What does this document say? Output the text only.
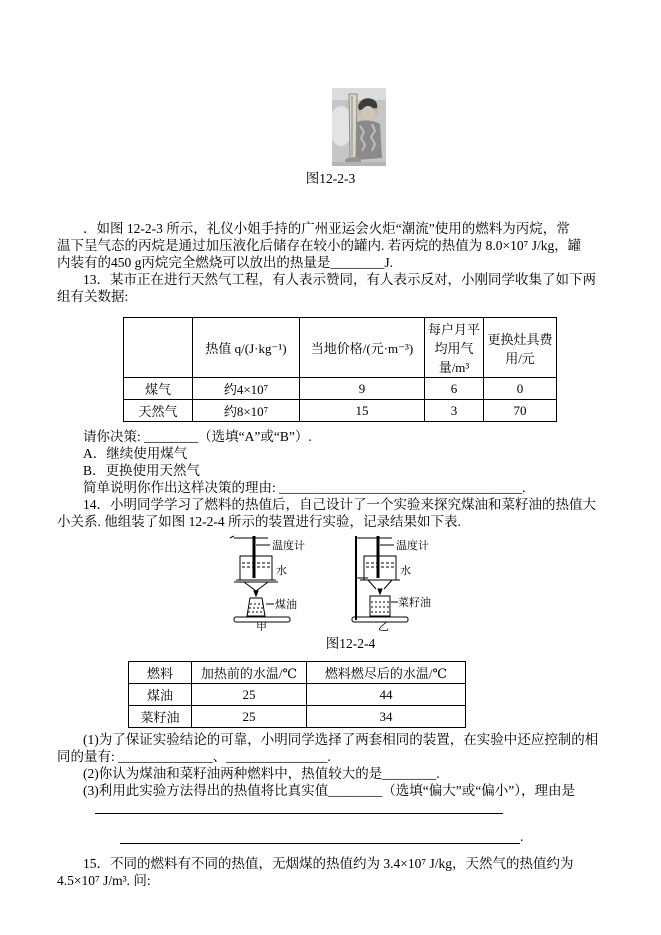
图12-2-3
．如图 12-2-3 所示，礼仪小姐手持的广州亚运会火炬“潮流”使用的燃料为丙烷，常
温下呈气态的丙烷是通过加压液化后储存在较小的罐内. 若丙烷的热值为 8.0×10⁷ J/kg，罐
内装有的450 g丙烷完全燃烧可以放出的热量是________J.
13．某市正在进行天然气工程，有人表示赞同，有人表示反对，小刚同学收集了如下两
组有关数据:
	热值 q/(J·kg⁻¹)	当地价格/(元·m⁻³)	每户月平均用气量/m³	更换灶具费用/元
煤气	约4×10⁷	9	6	0
天然气	约8×10⁷	15	3	70
请你决策: ________（选填“A”或“B”）.
A．继续使用煤气
B．更换使用天然气
简单说明你作出这样决策的理由: ____________________________________.
14．小明同学学习了燃料的热值后，自己设计了一个实验来探究煤油和菜籽油的热值大
小关系. 他组装了如图 12-2-4 所示的装置进行实验，记录结果如下表.
温度计
水
煤油
甲
温度计
水
菜籽油
乙
图12-2-4
燃料	加热前的水温/℃	燃料燃尽后的水温/℃
煤油	25	44
菜籽油	25	34
(1)为了保证实验结论的可靠，小明同学选择了两套相同的装置，在实验中还应控制的相
同的量有: ______________、_______________.
(2)你认为煤油和菜籽油两种燃料中，热值较大的是________.
(3)利用此实验方法得出的热值将比真实值________（选填“偏大”或“偏小”），理由是
.
15．不同的燃料有不同的热值，无烟煤的热值约为 3.4×10⁷ J/kg，天然气的热值约为
4.5×10⁷ J/m³. 问:
